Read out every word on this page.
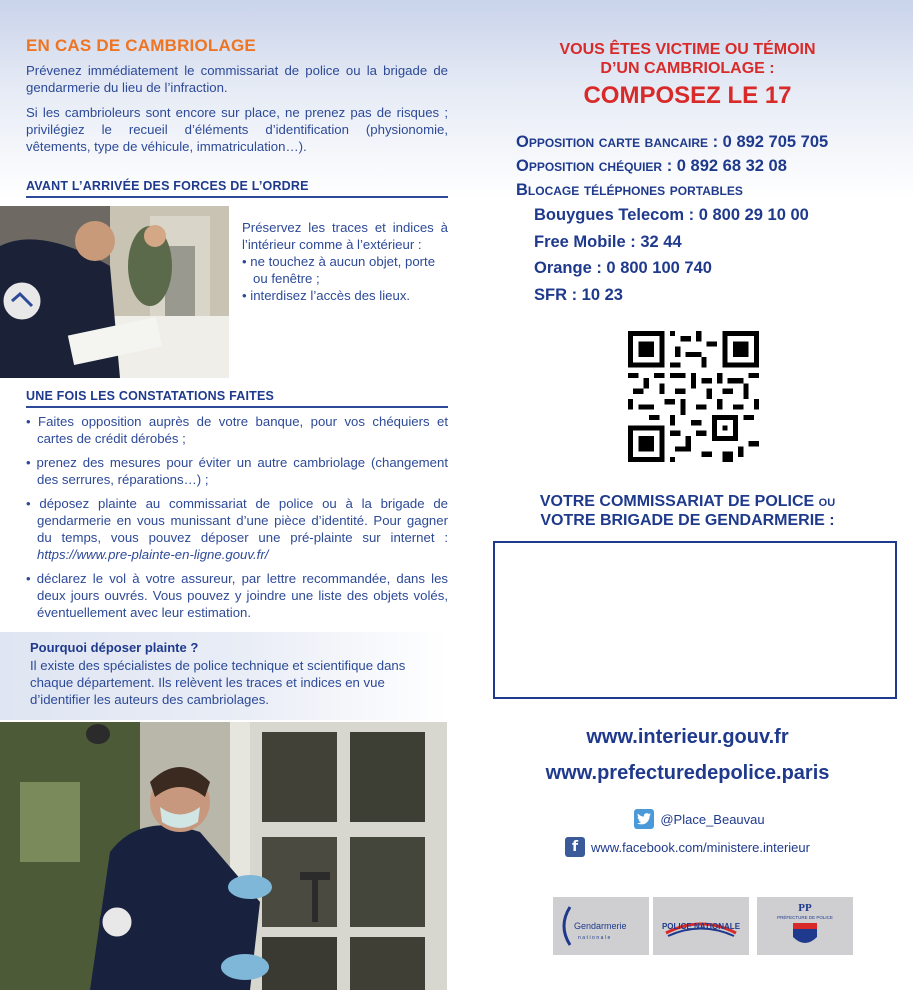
EN CAS DE CAMBRIOLAGE

Prévenez immédiatement le commissariat de police ou la brigade de gendarmerie du lieu de l’infraction.

Si les cambrioleurs sont encore sur place, ne prenez pas de risques ; privilégiez le recueil d’éléments d’identification (physionomie, vêtements, type de véhicule, immatriculation…).

AVANT L’ARRIVÉE DES FORCES DE L’ORDRE

Préservez les traces et indices à l’intérieur comme à l’extérieur :

• ne touchez à aucun objet, porte ou fenêtre ;
• interdisez l’accès des lieux.
UNE FOIS LES CONSTATATIONS FAITES
• Faites opposition auprès de votre banque, pour vos chéquiers et cartes de crédit dérobés ;
• prenez des mesures pour éviter un autre cambriolage (changement des serrures, réparations…) ;
• déposez plainte au commissariat de police ou à la brigade de gendarmerie en vous munissant d’une pièce d’identité. Pour gagner du temps, vous pouvez déposer une pré-plainte sur internet : https://www.pre-plainte-en-ligne.gouv.fr/
• déclarez le vol à votre assureur, par lettre recommandée, dans les deux jours ouvrés. Vous pouvez y joindre une liste des objets volés, éventuellement avec leur estimation.
Pourquoi déposer plainte ?

Il existe des spécialistes de police technique et scientifique dans chaque département. Ils relèvent les traces et indices en vue d’identifier les auteurs des cambriolages.

VOUS ÊTES VICTIME OU TÉMOIN
D’UN CAMBRIOLAGE :
COMPOSEZ LE 17
Opposition carte bancaire : 0 892 705 705
Opposition chéquier : 0 892 68 32 08
Blocage téléphones portables
Bouygues Telecom : 0 800 29 10 00
Free Mobile : 32 44
Orange : 0 800 100 740
SFR : 10 23
VOTRE COMMISSARIAT DE POLICE ou
VOTRE BRIGADE DE GENDARMERIE :
www.interieur.gouv.fr
www.prefecturedepolice.paris
@Place_Beauvau
f www.facebook.com/ministere.interieur
Gendarmerie
nationale
POLICE NATIONALE
PP
PRÉFECTURE DE POLICE
